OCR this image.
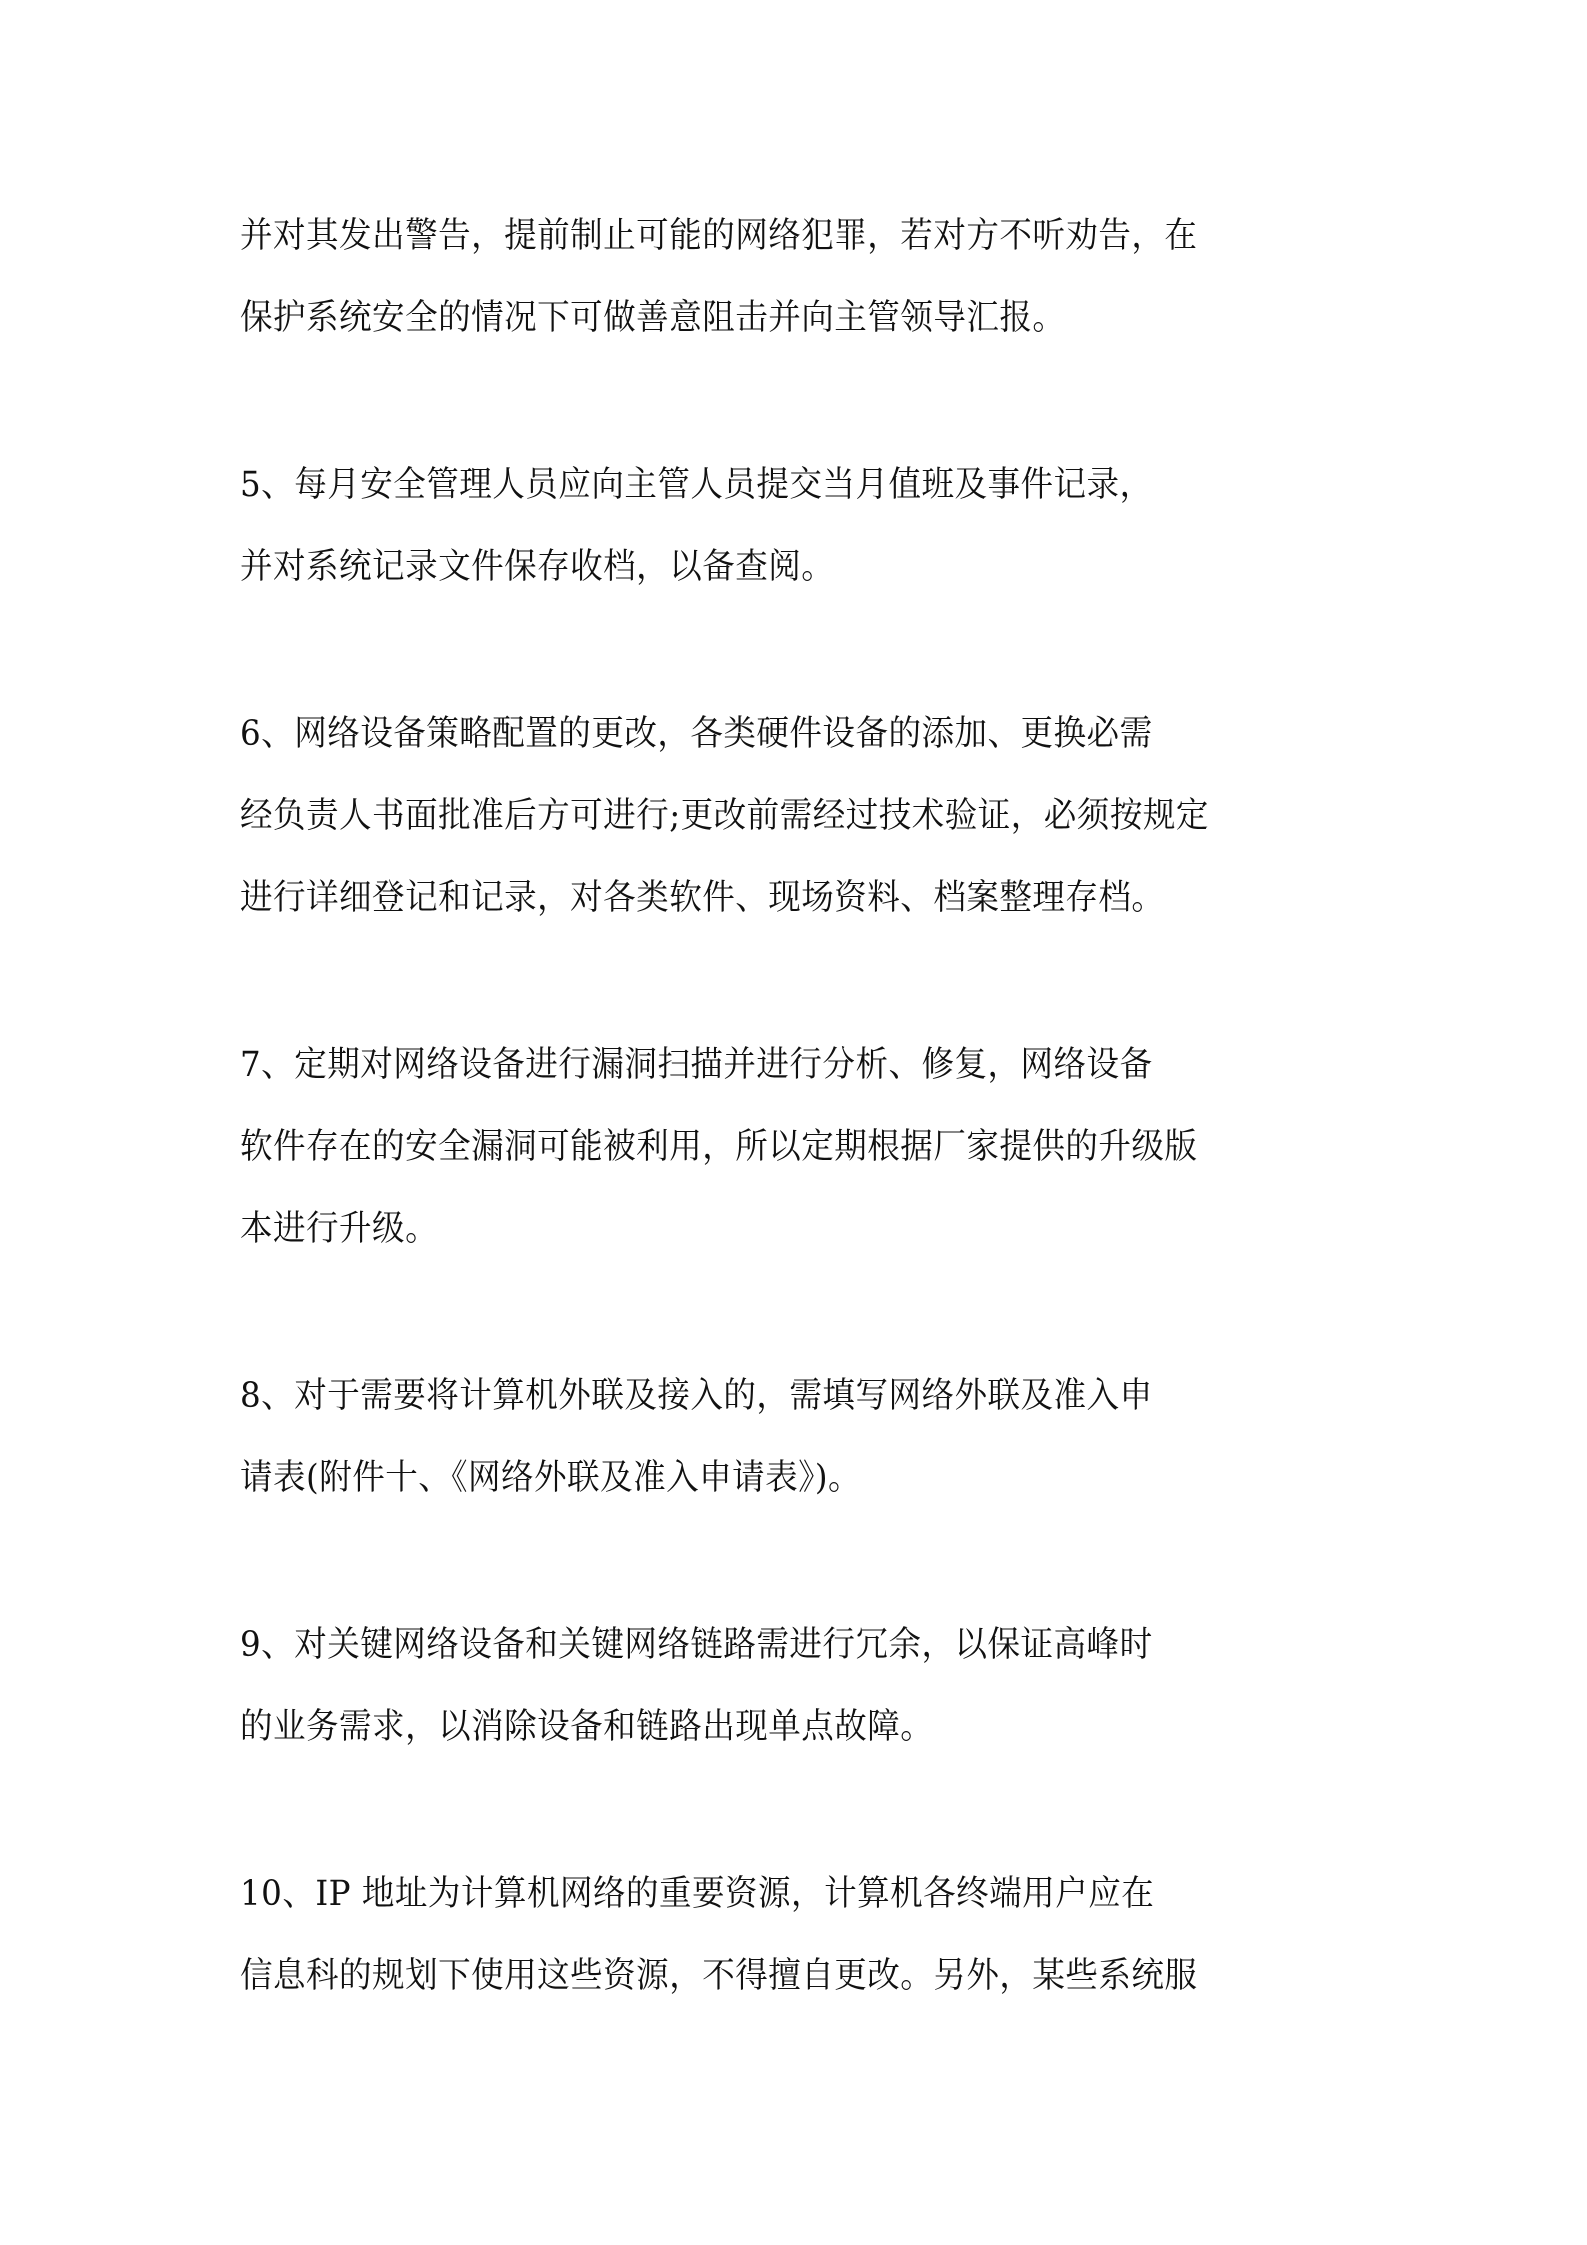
并对其发出警告，提前制止可能的网络犯罪，若对方不听劝告，在
保护系统安全的情况下可做善意阻击并向主管领导汇报。
5、每月安全管理人员应向主管人员提交当月值班及事件记录，
并对系统记录文件保存收档，以备查阅。
6、网络设备策略配置的更改，各类硬件设备的添加、更换必需
经负责人书面批准后方可进行;更改前需经过技术验证，必须按规定
进行详细登记和记录，对各类软件、现场资料、档案整理存档。
7、定期对网络设备进行漏洞扫描并进行分析、修复，网络设备
软件存在的安全漏洞可能被利用，所以定期根据厂家提供的升级版
本进行升级。
8、对于需要将计算机外联及接入的，需填写网络外联及准入申
请表(附件十、《网络外联及准入申请表》)。
9、对关键网络设备和关键网络链路需进行冗余，以保证高峰时
的业务需求，以消除设备和链路出现单点故障。
10、IP 地址为计算机网络的重要资源，计算机各终端用户应在
信息科的规划下使用这些资源，不得擅自更改。另外，某些系统服
